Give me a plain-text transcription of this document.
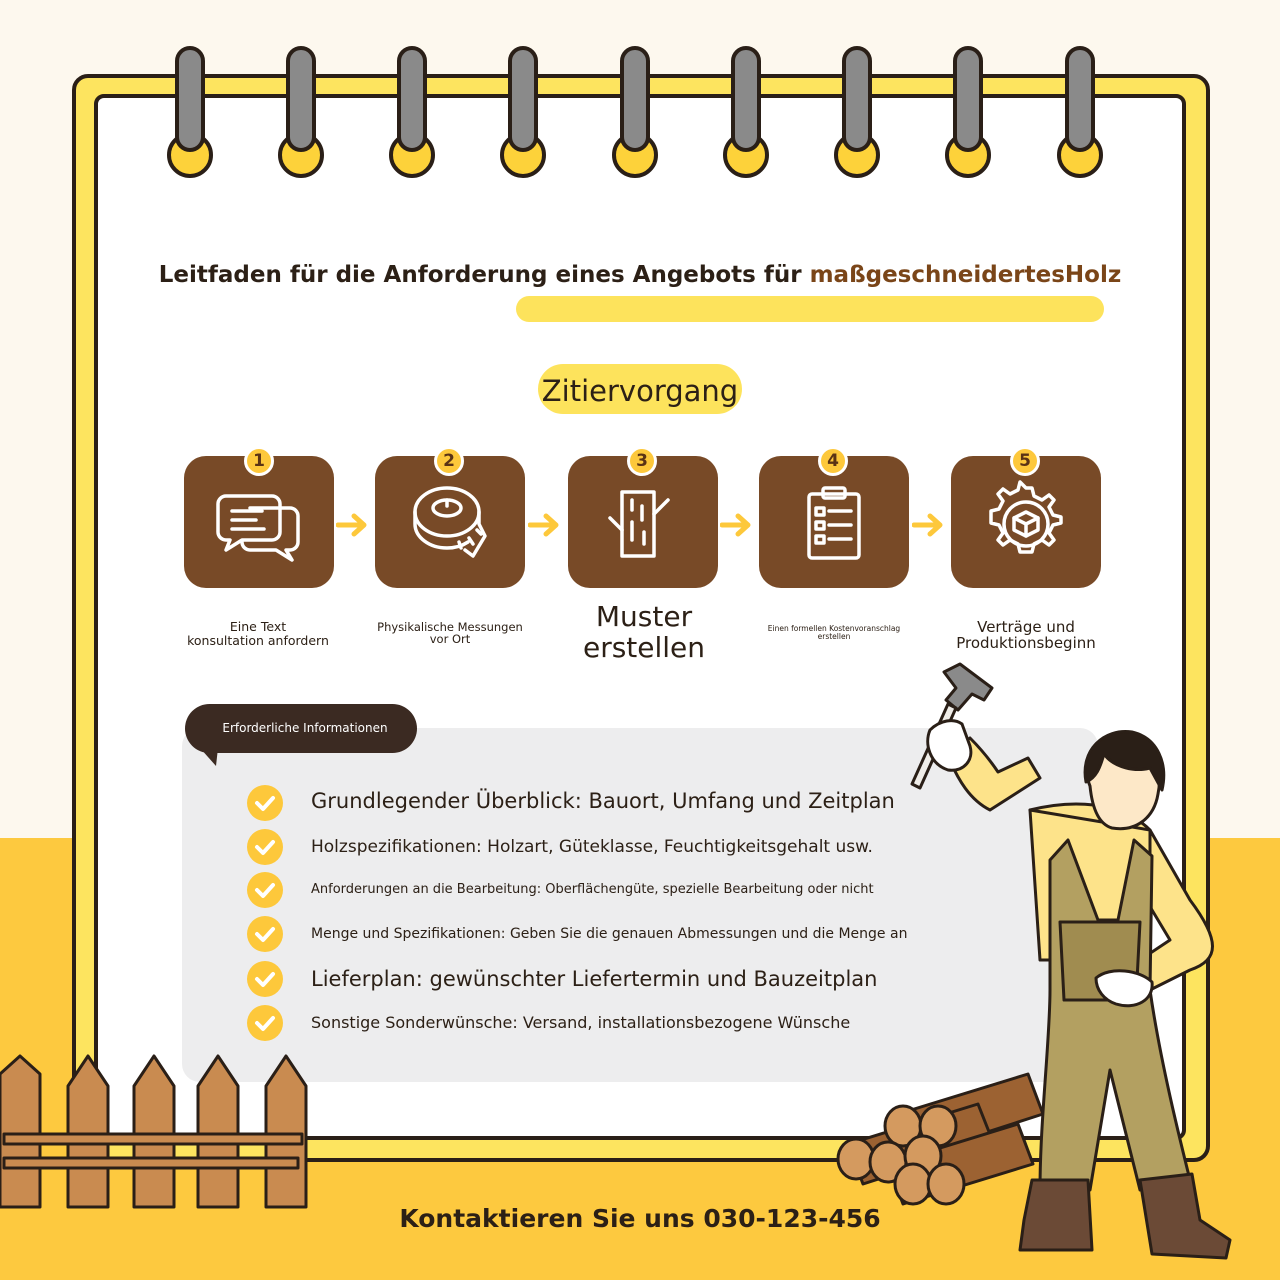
Leitfaden für die Anforderung eines Angebots für maßgeschneidertesHolz
Zitiervorgang
1
Eine Text
konsultation anfordern
2
Physikalische Messungen
vor Ort
3
Muster
erstellen
4
Einen formellen Kostenvoranschlag
erstellen
5
Verträge und
Produktionsbeginn
Erforderliche Informationen
Grundlegender Überblick: Bauort, Umfang und Zeitplan
Holzspezifikationen: Holzart, Güteklasse, Feuchtigkeitsgehalt usw.
Anforderungen an die Bearbeitung: Oberflächengüte, spezielle Bearbeitung oder nicht
Menge und Spezifikationen: Geben Sie die genauen Abmessungen und die Menge an
Lieferplan: gewünschter Liefertermin und Bauzeitplan
Sonstige Sonderwünsche: Versand, installationsbezogene Wünsche
Kontaktieren Sie uns 030-123-456
